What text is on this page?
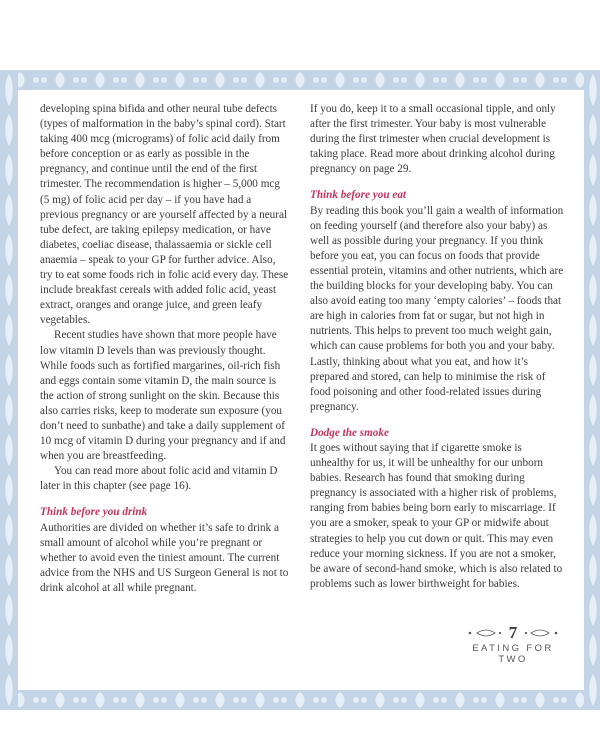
developing spina bifida and other neural tube defects (types of malformation in the baby’s spinal cord). Start taking 400 mcg (micrograms) of folic acid daily from before conception or as early as possible in the pregnancy, and continue until the end of the first trimester. The recommendation is higher – 5,000 mcg (5 mg) of folic acid per day – if you have had a previous pregnancy or are yourself affected by a neural tube defect, are taking epilepsy medication, or have diabetes, coeliac disease, thalassaemia or sickle cell anaemia – speak to your GP for further advice. Also, try to eat some foods rich in folic acid every day. These include breakfast cereals with added folic acid, yeast extract, oranges and orange juice, and green leafy vegetables.

Recent studies have shown that more people have low vitamin D levels than was previously thought. While foods such as fortified margarines, oil-rich fish and eggs contain some vitamin D, the main source is the action of strong sunlight on the skin. Because this also carries risks, keep to moderate sun exposure (you don’t need to sunbathe) and take a daily supplement of 10 mcg of vitamin D during your pregnancy and if and when you are breastfeeding.

You can read more about folic acid and vitamin D later in this chapter (see page 16).

Think before you drink

Authorities are divided on whether it’s safe to drink a small amount of alcohol while you’re pregnant or whether to avoid even the tiniest amount. The current advice from the NHS and US Surgeon General is not to drink alcohol at all while pregnant.

If you do, keep it to a small occasional tipple, and only after the first trimester. Your baby is most vulnerable during the first trimester when crucial development is taking place. Read more about drinking alcohol during pregnancy on page 29.

Think before you eat

By reading this book you’ll gain a wealth of information on feeding yourself (and therefore also your baby) as well as possible during your pregnancy. If you think before you eat, you can focus on foods that provide essential protein, vitamins and other nutrients, which are the building blocks for your developing baby. You can also avoid eating too many ‘empty calories’ – foods that are high in calories from fat or sugar, but not high in nutrients. This helps to prevent too much weight gain, which can cause problems for both you and your baby. Lastly, thinking about what you eat, and how it’s prepared and stored, can help to minimise the risk of food poisoning and other food-related issues during pregnancy.

Dodge the smoke

It goes without saying that if cigarette smoke is unhealthy for us, it will be unhealthy for our unborn babies. Research has found that smoking during pregnancy is associated with a higher risk of problems, ranging from babies being born early to miscarriage. If you are a smoker, speak to your GP or midwife about strategies to help you cut down or quit. This may even reduce your morning sickness. If you are not a smoker, be aware of second-hand smoke, which is also related to problems such as lower birthweight for babies.

7
EATING FOR TWO
